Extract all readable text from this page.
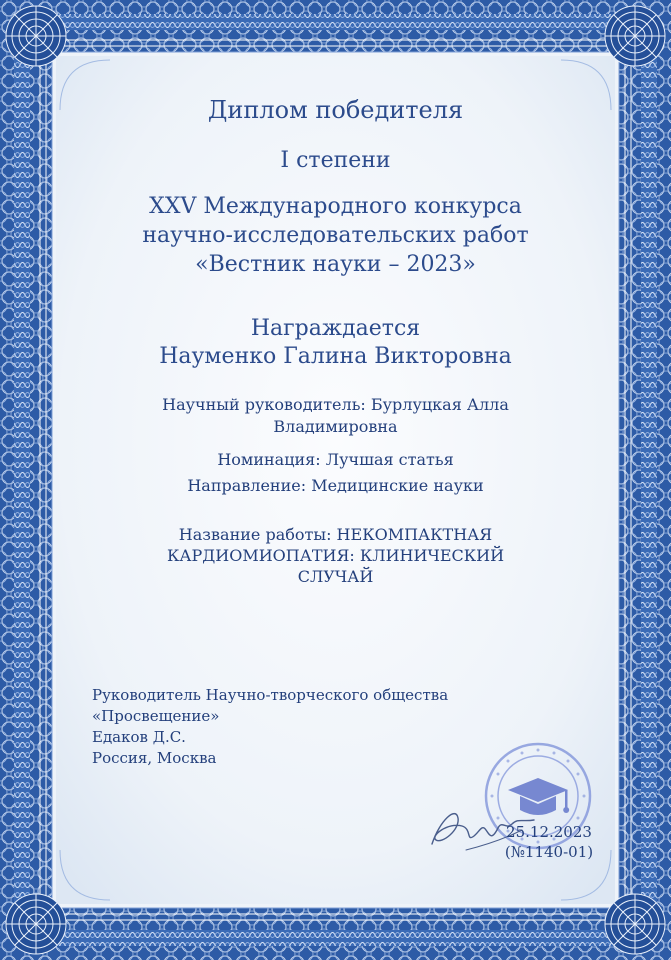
Диплом победителя
I степени
XXV Международного конкурса
научно-исследовательских работ
«Вестник науки – 2023»
Награждается
Науменко Галина Викторовна
Научный руководитель: Бурлуцкая Алла
Владимировна
Номинация: Лучшая статья
Направление: Медицинские науки
Название работы: НЕКОМПАКТНАЯ
КАРДИОМИОПАТИЯ: КЛИНИЧЕСКИЙ
СЛУЧАЙ
Руководитель Научно-творческого общества
«Просвещение»
Едаков Д.С.
Россия, Москва
25.12.2023
(№1140-01)
